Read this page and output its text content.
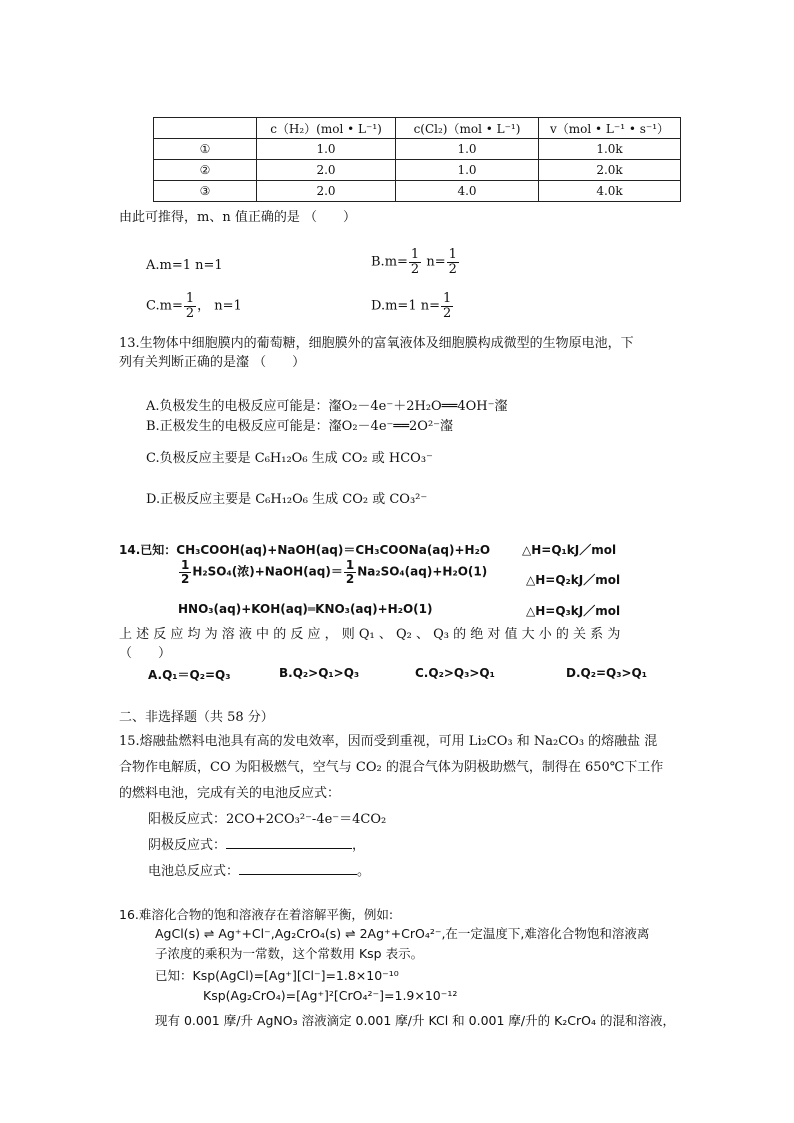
	c（H₂）(mol • L⁻¹)	c(Cl₂)（mol • L⁻¹)	v（mol • L⁻¹ • s⁻¹）
①	1.0	1.0	1.0k
②	2.0	1.0	2.0k
③	2.0	4.0	4.0k
由此可推得，m、n 值正确的是 （　　）
A.m=1 n=1	$B.m= \frac{1}{2} n= \frac{1}{2}$
$C.m= \frac{1}{2}$ ， n=1	D.m=1 $n= \frac{1}{2}$
13.生物体中细胞膜内的葡萄糖，细胞膜外的富氧液体及细胞膜构成微型的生物原电池，下
列有关判断正确的是瀣 （　　）
A.负极发生的电极反应可能是：瀣O₂－4e⁻＋2H₂O══4OH⁻瀣
B.正极发生的电极反应可能是：瀣O₂－4e⁻══2O²⁻瀣
C.负极反应主要是 C₆H₁₂O₆ 生成 CO₂ 或 HCO₃⁻
D.正极反应主要是 C₆H₁₂O₆ 生成 CO₂ 或 CO₃²⁻
14.已知：CH₃COOH(aq)+NaOH(aq)＝CH₃COONa(aq)+H₂O	△H=Q₁kJ／mol
$\frac{1}{2} H_2SO_4$(浓)+NaOH(aq)＝ $\frac{1}{2} Na_2SO_4(aq)+H_2O(1)$
△H=Q₂kJ／mol
HNO₃(aq)+KOH(aq)═KNO₃(aq)+H₂O(1)	△H=Q₃kJ／mol
上 述 反 应 均 为 溶 液 中 的 反 应 ， 则 Q₁ 、 Q₂ 、 Q₃ 的 绝 对 值 大 小 的 关 系 为
（　　）
A.Q₁＝Q₂=Q₃	B.Q₂>Q₁>Q₃	C.Q₂>Q₃>Q₁	D.Q₂=Q₃>Q₁
二、非选择题（共 58 分）
15.熔融盐燃料电池具有高的发电效率，因而受到重视，可用 Li₂CO₃ 和 Na₂CO₃ 的熔融盐 混
合物作电解质，CO 为阳极燃气，空气与 CO₂ 的混合气体为阴极助燃气，制得在 650℃下工作
的燃料电池，完成有关的电池反应式：
阳极反应式：2CO+2CO₃²⁻-4e⁻＝4CO₂
阴极反应式：	，
电池总反应式：	。
16.难溶化合物的饱和溶液存在着溶解平衡，例如:
AgCl(s) ⇌ Ag⁺+Cl⁻,Ag₂CrO₄(s) ⇌ 2Ag⁺+CrO₄²⁻,在一定温度下,难溶化合物饱和溶液离
子浓度的乘积为一常数，这个常数用 Ksp 表示。
已知：Ksp(AgCl)=[Ag⁺][Cl⁻]=1.8×10⁻¹⁰
Ksp(Ag₂CrO₄)=[Ag⁺]²[CrO₄²⁻]=1.9×10⁻¹²
现有 0.001 摩/升 AgNO₃ 溶液滴定 0.001 摩/升 KCl 和 0.001 摩/升的 K₂CrO₄ 的混和溶液，
